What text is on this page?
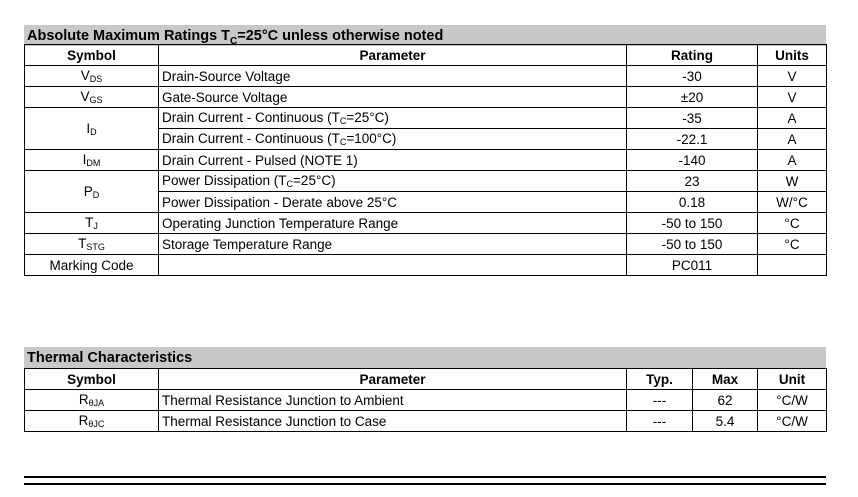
Absolute Maximum Ratings $T_C=25^\circ C$ unless otherwise noted
Symbol	Parameter	Rating	Units
$V_{DS}$	Drain-Source Voltage	-30	V
$V_{GS}$	Gate-Source Voltage	±20	V
$I_D$	Drain Current - Continuous $(T_C=25^\circ C)$	-35	A
	Drain Current - Continuous $(T_C=100^\circ C)$	-22.1	A
$I_{DM}$	Drain Current - Pulsed (NOTE 1)	-140	A
$P_D$	Power Dissipation $(T_C=25^\circ C)$	23	W
	Power Dissipation - Derate above 25°C	0.18	W/°C
$T_J$	Operating Junction Temperature Range	-50 to 150	°C
$T_{STG}$	Storage Temperature Range	-50 to 150	°C
Marking Code		PC011	
Thermal Characteristics
Symbol	Parameter	Typ.	Max	Unit
$R_{\theta JA}$	Thermal Resistance Junction to Ambient	---	62	°C/W
$R_{\theta JC}$	Thermal Resistance Junction to Case	---	5.4	°C/W
